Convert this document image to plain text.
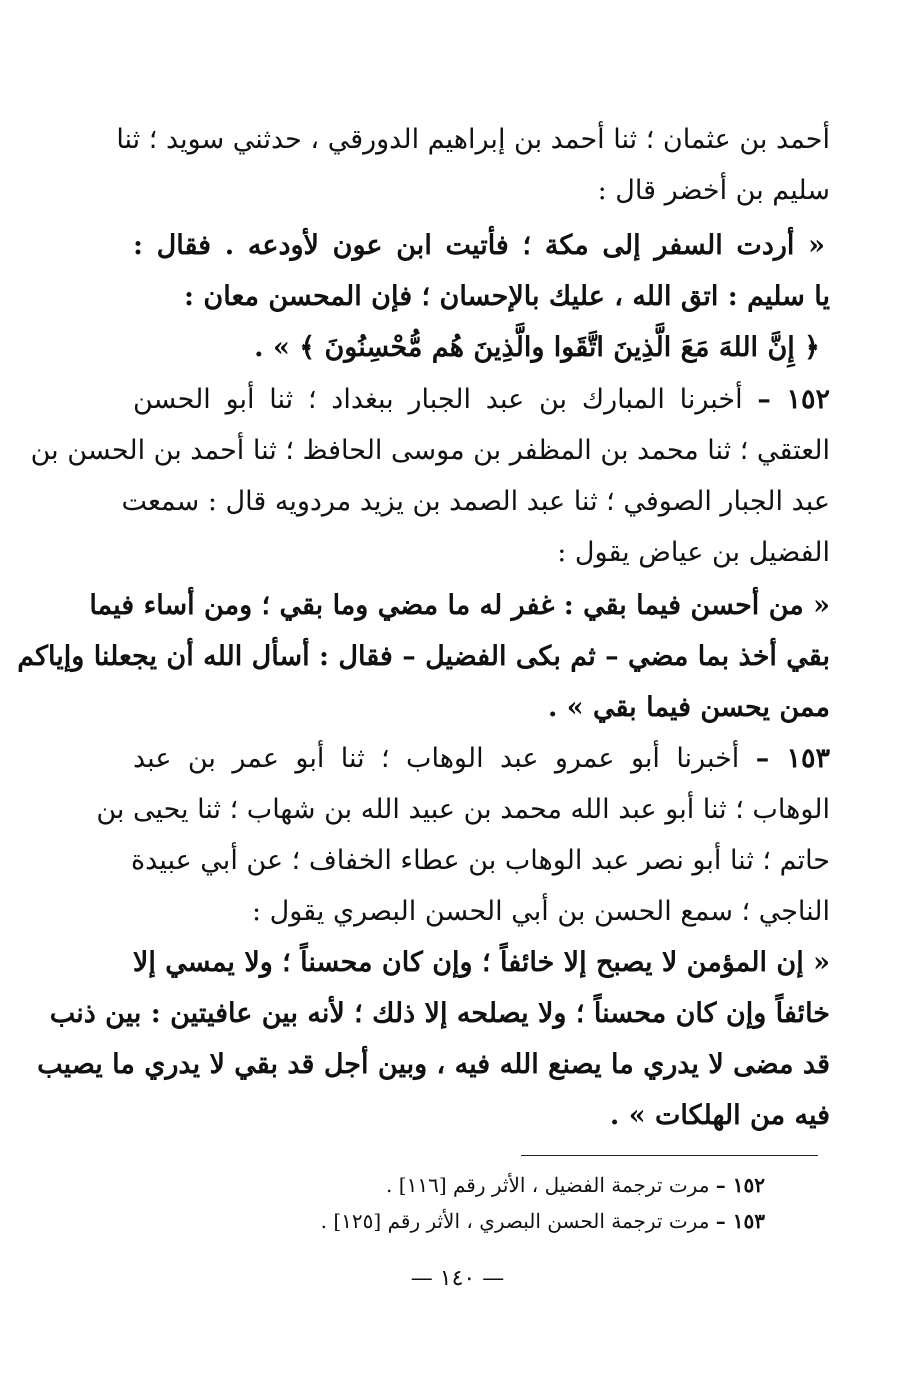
أحمد بن عثمان ؛ ثنا أحمد بن إبراهيم الدورقي ، حدثني سويد ؛ ثنا
سليم بن أخضر قال :
« أردت السفر إلى مكة ؛ فأتيت ابن عون لأودعه . فقال :
يا سليم : اتق الله ، عليك بالإحسان ؛ فإن المحسن معان :
﴿ إِنَّ اللهَ مَعَ الَّذِينَ اتَّقَوا والَّذِينَ هُم مُّحْسِنُونَ ﴾ » .
١٥٢ – أخبرنا المبارك بن عبد الجبار ببغداد ؛ ثنا أبو الحسن
العتقي ؛ ثنا محمد بن المظفر بن موسى الحافظ ؛ ثنا أحمد بن الحسن بن
عبد الجبار الصوفي ؛ ثنا عبد الصمد بن يزيد مردويه قال : سمعت
الفضيل بن عياض يقول :
« من أحسن فيما بقي : غفر له ما مضي وما بقي ؛ ومن أساء فيما
بقي أخذ بما مضي – ثم بكى الفضيل – فقال : أسأل الله أن يجعلنا وإياكم
ممن يحسن فيما بقي » .
١٥٣ – أخبرنا أبو عمرو عبد الوهاب ؛ ثنا أبو عمر بن عبد
الوهاب ؛ ثنا أبو عبد الله محمد بن عبيد الله بن شهاب ؛ ثنا يحيى بن
حاتم ؛ ثنا أبو نصر عبد الوهاب بن عطاء الخفاف ؛ عن أبي عبيدة
الناجي ؛ سمع الحسن بن أبي الحسن البصري يقول :
« إن المؤمن لا يصبح إلا خائفاً ؛ وإن كان محسناً ؛ ولا يمسي إلا
خائفاً وإن كان محسناً ؛ ولا يصلحه إلا ذلك ؛ لأنه بين عافيتين : بين ذنب
قد مضى لا يدري ما يصنع الله فيه ، وبين أجل قد بقي لا يدري ما يصيب
فيه من الهلكات » .
١٥٢ – مرت ترجمة الفضيل ، الأثر رقم [١١٦] .
١٥٣ – مرت ترجمة الحسن البصري ، الأثر رقم [١٢٥] .
— ١٤٠ —
